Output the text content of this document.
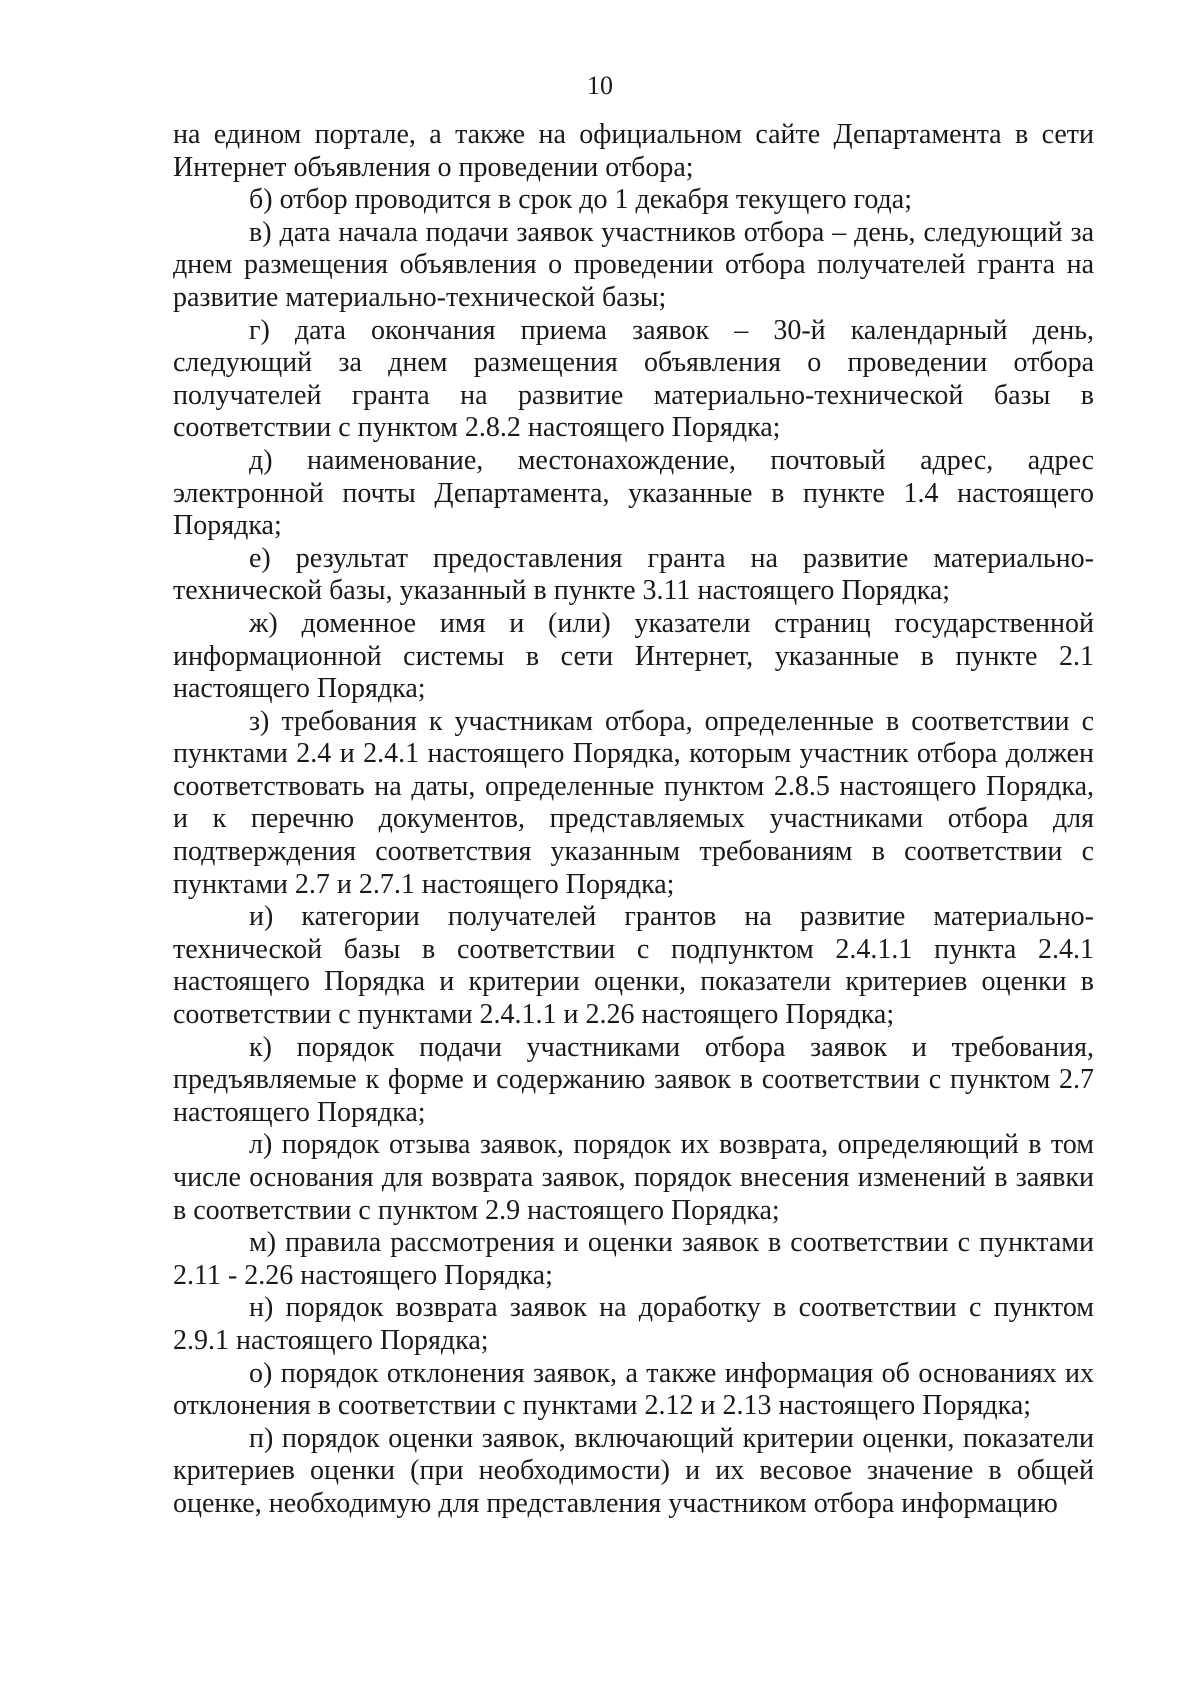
10

на едином портале, а также на официальном сайте Департамента в сети Интернет объявления о проведении отбора;

б) отбор проводится в срок до 1 декабря текущего года;

в) дата начала подачи заявок участников отбора – день, следующий за днем размещения объявления о проведении отбора получателей гранта на развитие материально-технической базы;

г) дата окончания приема заявок – 30-й календарный день, следующий за днем размещения объявления о проведении отбора получателей гранта на развитие материально-технической базы в соответствии с пунктом 2.8.2 настоящего Порядка;

д) наименование, местонахождение, почтовый адрес, адрес электронной почты Департамента, указанные в пункте 1.4 настоящего Порядка;

е) результат предоставления гранта на развитие материально-технической базы, указанный в пункте 3.11 настоящего Порядка;

ж) доменное имя и (или) указатели страниц государственной информационной системы в сети Интернет, указанные в пункте 2.1 настоящего Порядка;

з) требования к участникам отбора, определенные в соответствии с пунктами 2.4 и 2.4.1 настоящего Порядка, которым участник отбора должен соответствовать на даты, определенные пунктом 2.8.5 настоящего Порядка, и к перечню документов, представляемых участниками отбора для подтверждения соответствия указанным требованиям в соответствии с пунктами 2.7 и 2.7.1 настоящего Порядка;

и) категории получателей грантов на развитие материально-технической базы в соответствии с подпунктом 2.4.1.1 пункта 2.4.1 настоящего Порядка и критерии оценки, показатели критериев оценки в соответствии с пунктами 2.4.1.1 и 2.26 настоящего Порядка;

к) порядок подачи участниками отбора заявок и требования, предъявляемые к форме и содержанию заявок в соответствии с пунктом 2.7 настоящего Порядка;

л) порядок отзыва заявок, порядок их возврата, определяющий в том числе основания для возврата заявок, порядок внесения изменений в заявки в соответствии с пунктом 2.9 настоящего Порядка;

м) правила рассмотрения и оценки заявок в соответствии с пунктами 2.11 - 2.26 настоящего Порядка;

н) порядок возврата заявок на доработку в соответствии с пунктом 2.9.1 настоящего Порядка;

о) порядок отклонения заявок, а также информация об основаниях их отклонения в соответствии с пунктами 2.12 и 2.13 настоящего Порядка;

п) порядок оценки заявок, включающий критерии оценки, показатели критериев оценки (при необходимости) и их весовое значение в общей оценке, необходимую для представления участником отбора информацию
